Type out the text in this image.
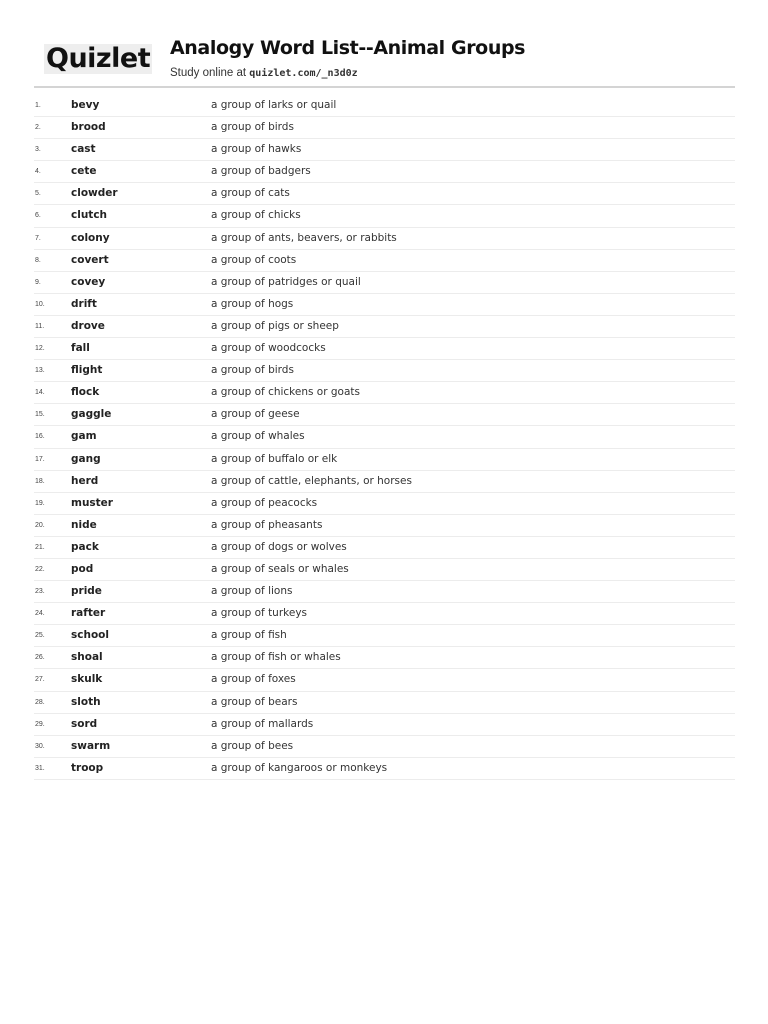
Quizlet Analogy Word List--Animal Groups
Study online at quizlet.com/_n3d0z
1.	bevy	a group of larks or quail
2.	brood	a group of birds
3.	cast	a group of hawks
4.	cete	a group of badgers
5.	clowder	a group of cats
6.	clutch	a group of chicks
7.	colony	a group of ants, beavers, or rabbits
8.	covert	a group of coots
9.	covey	a group of patridges or quail
10.	drift	a group of hogs
11.	drove	a group of pigs or sheep
12.	fall	a group of woodcocks
13.	flight	a group of birds
14.	flock	a group of chickens or goats
15.	gaggle	a group of geese
16.	gam	a group of whales
17.	gang	a group of buffalo or elk
18.	herd	a group of cattle, elephants, or horses
19.	muster	a group of peacocks
20.	nide	a group of pheasants
21.	pack	a group of dogs or wolves
22.	pod	a group of seals or whales
23.	pride	a group of lions
24.	rafter	a group of turkeys
25.	school	a group of fish
26.	shoal	a group of fish or whales
27.	skulk	a group of foxes
28.	sloth	a group of bears
29.	sord	a group of mallards
30.	swarm	a group of bees
31.	troop	a group of kangaroos or monkeys
